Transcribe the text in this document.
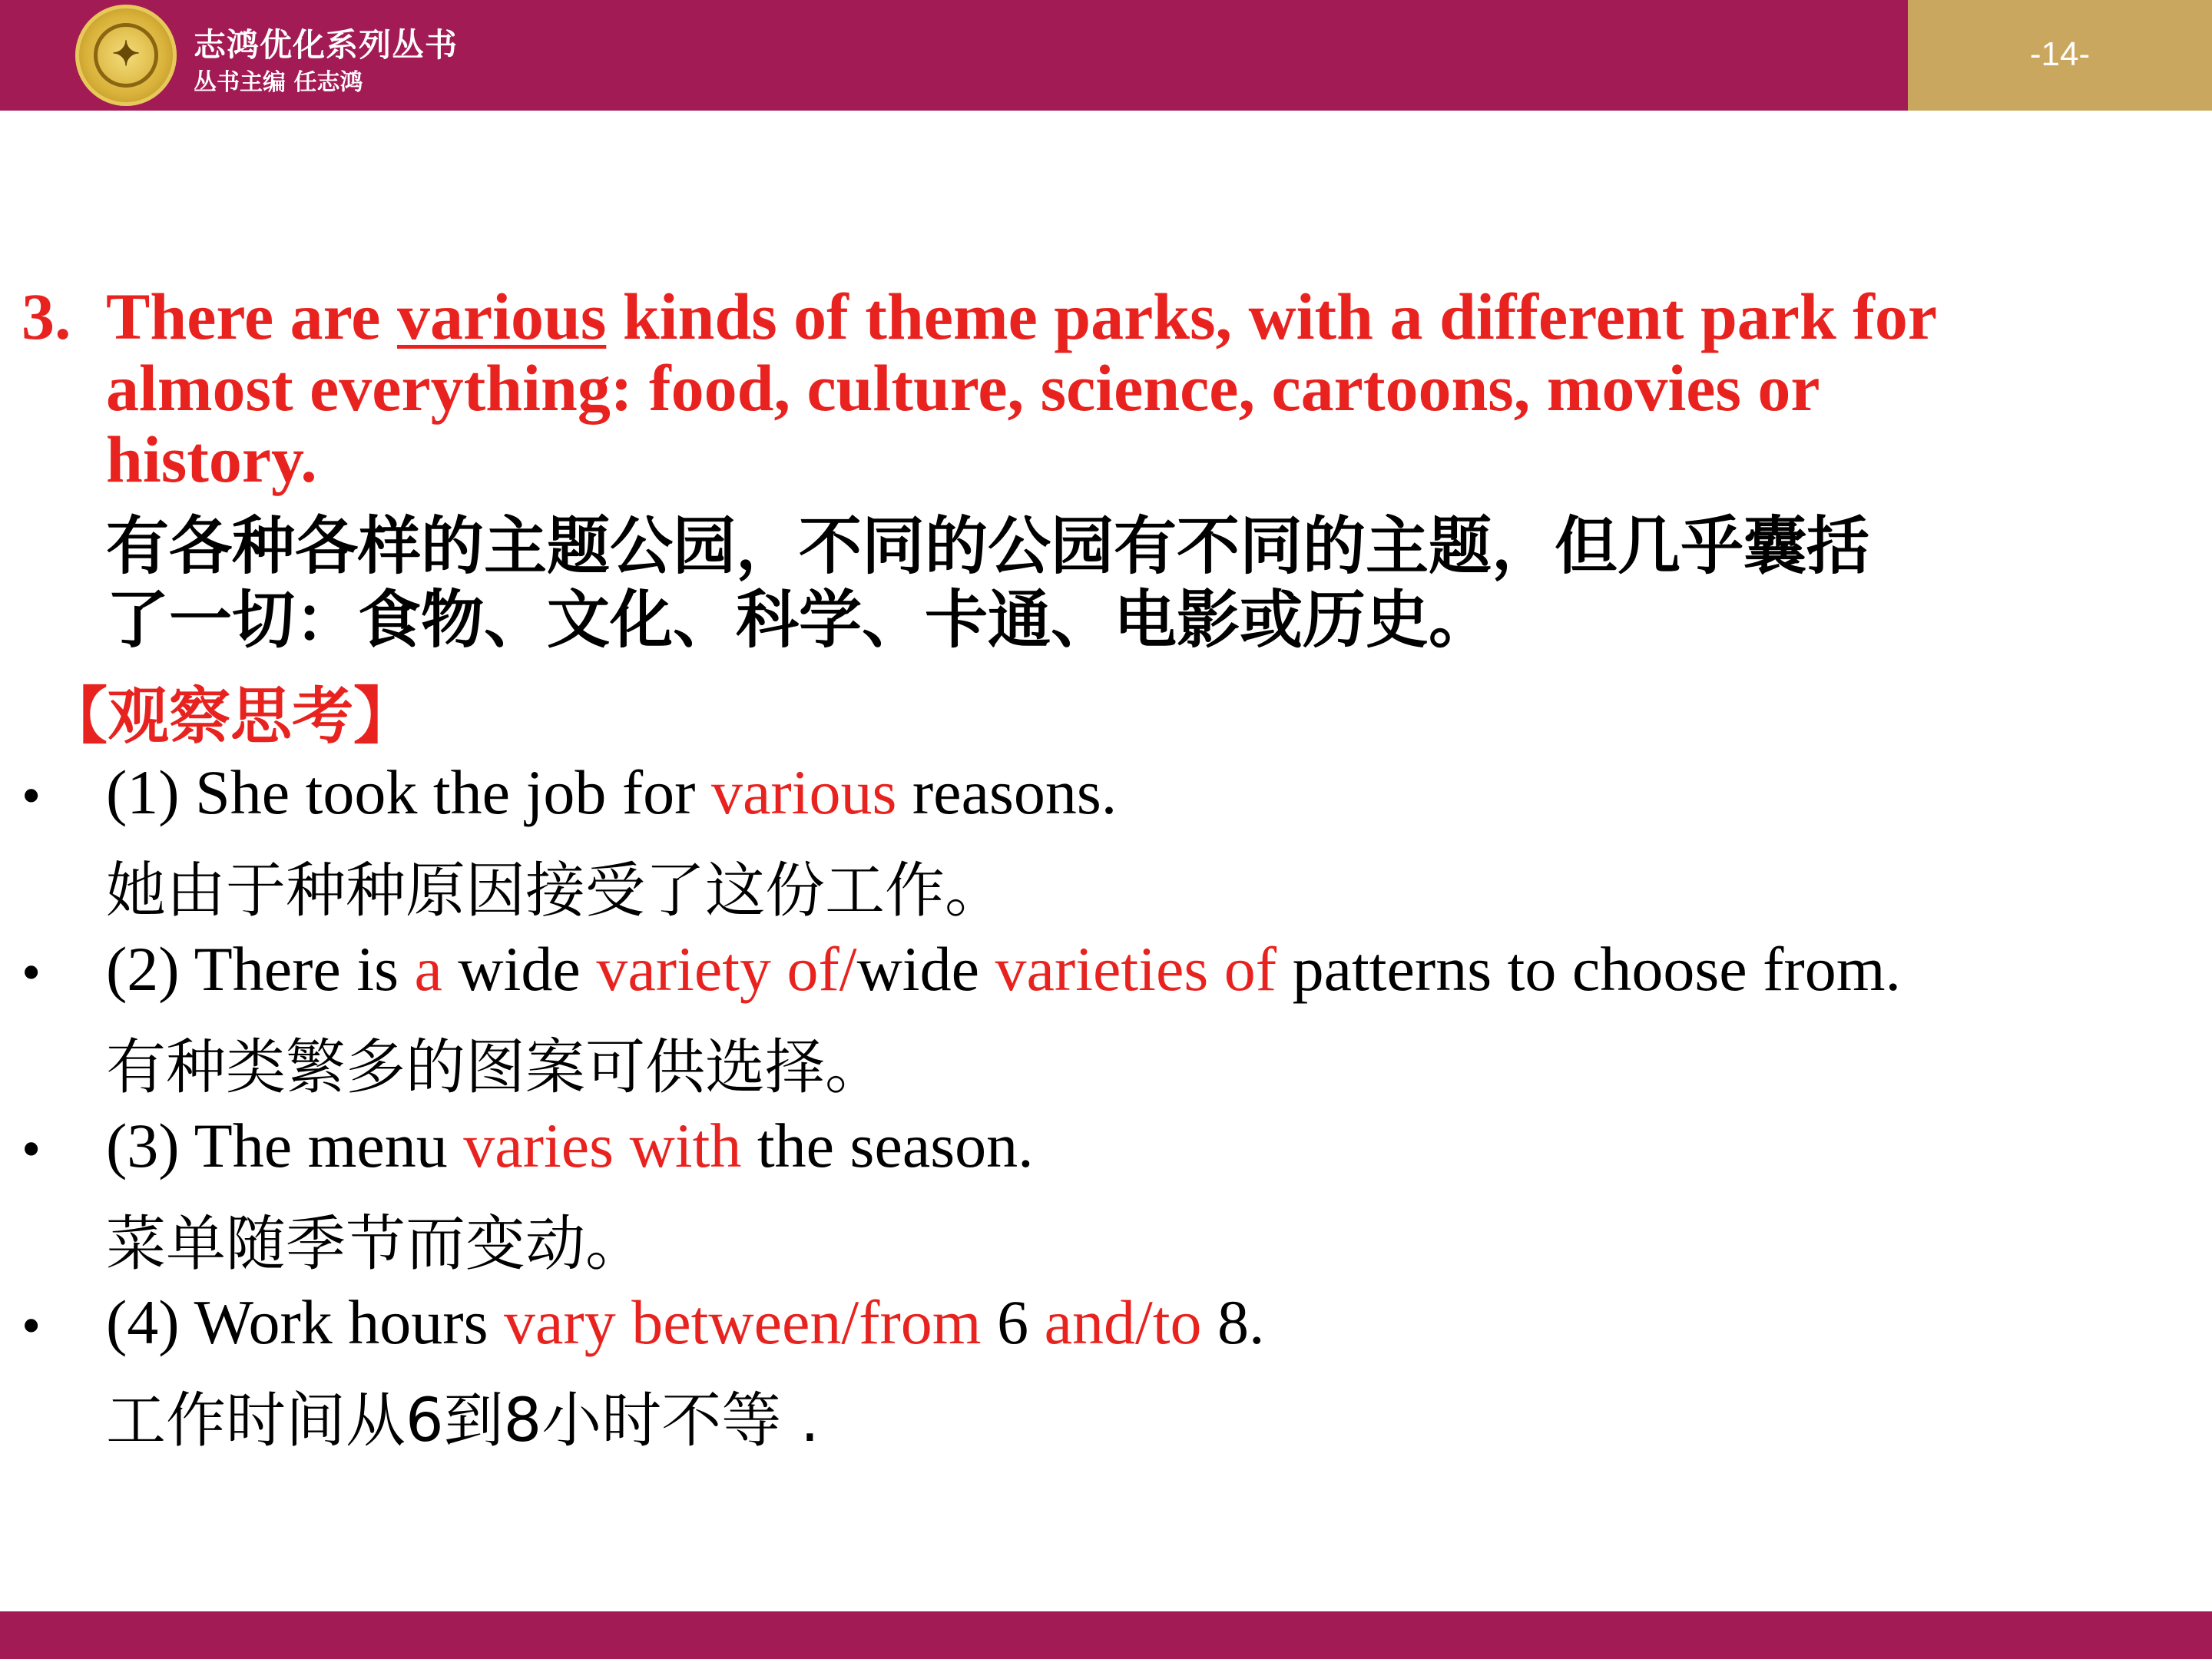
✦	志鸿优化系列丛书
丛书主编 任志鸿
-14-
3. There are various kinds of theme parks, with a different park for
almost everything: food, culture, science, cartoons, movies or
history.
有各种各样的主题公园，不同的公园有不同的主题，但几乎囊括
了一切：食物、文化、科学、卡通、电影或历史。
【观察思考】
• (1) She took the job for various reasons.
她由于种种原因接受了这份工作。
• (2) There is a wide variety of/wide varieties of patterns to choose from.
有种类繁多的图案可供选择。
• (3) The menu varies with the season.
菜单随季节而变动。
• (4) Work hours vary between/from 6 and/to 8.
工作时间从6到8小时不等 .
